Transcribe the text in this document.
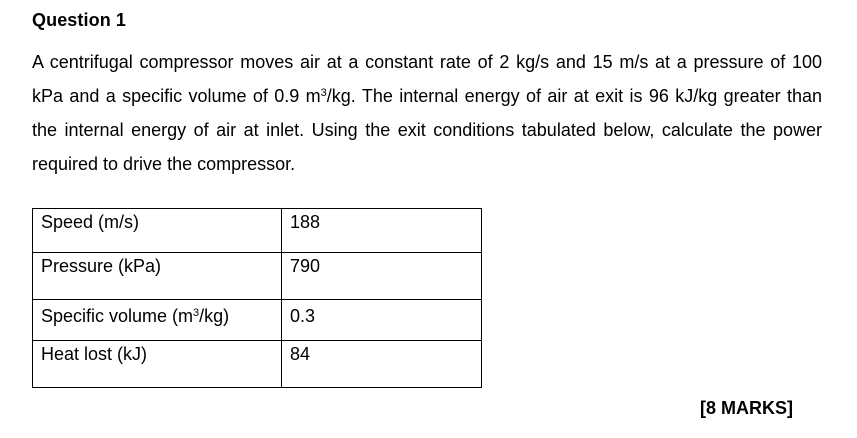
Question 1
A centrifugal compressor moves air at a constant rate of 2 kg/s and 15 m/s at a pressure of 100 kPa and a specific volume of 0.9 $m^3/kg$. The internal energy of air at exit is 96 kJ/kg greater than the internal energy of air at inlet. Using the exit conditions tabulated below, calculate the power required to drive the compressor.
Speed (m/s)	188
Pressure (kPa)	790
Specific volume $(m^3/kg)$	0.3
Heat lost (kJ)	84
[8 MARKS]
